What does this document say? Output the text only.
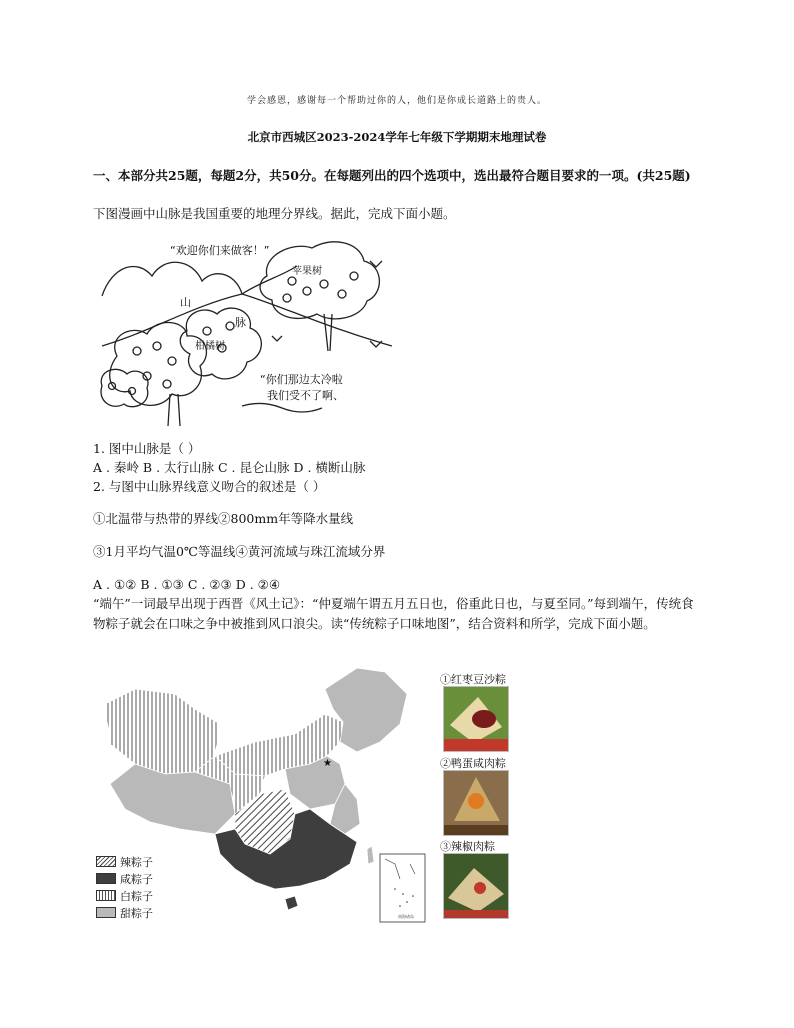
学会感恩，感谢每一个帮助过你的人，他们是你成长道路上的贵人。
北京市西城区2023-2024学年七年级下学期期末地理试卷
一、本部分共25题，每题2分，共50分。在每题列出的四个选项中，选出最符合题目要求的一项。(共25题)
下图漫画中山脉是我国重要的地理分界线。据此，完成下面小题。
“欢迎你们来做客！”
苹果树
山
脉
柑橘树
“你们那边太冷啦
我们受不了啊、
1. 图中山脉是（ ）
A . 秦岭 B . 太行山脉 C . 昆仑山脉 D . 横断山脉
2. 与图中山脉界线意义吻合的叙述是（ ）
①北温带与热带的界线②800mm年等降水量线
③1月平均气温0℃等温线④黄河流域与珠江流域分界
A . ①② B . ①③ C . ②③ D . ②④
“端午”一词最早出现于西晋《风土记》：“仲夏端午谓五月五日也，俗重此日也，与夏至同。”每到端午，传统食物粽子就会在口味之争中被推到风口浪尖。读“传统粽子口味地图”，结合资料和所学，完成下面小题。
★
南海诸岛
辣粽子
咸粽子
白粽子
甜粽子
①红枣豆沙粽
②鸭蛋咸肉粽
③辣椒肉粽
